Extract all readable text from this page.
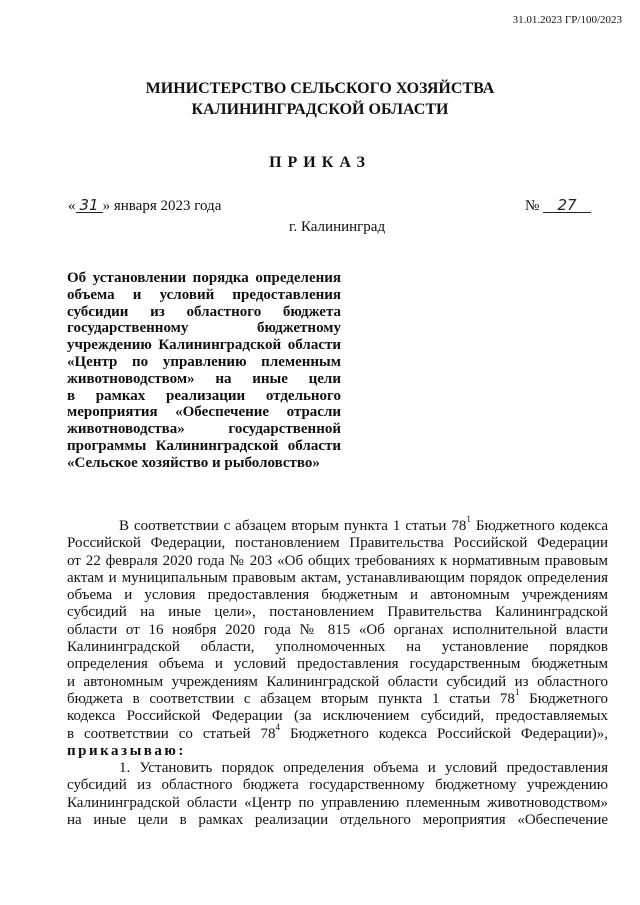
31.01.2023 ГР/100/2023
МИНИСТЕРСТВО СЕЛЬСКОГО ХОЗЯЙСТВА
КАЛИНИНГРАДСКОЙ ОБЛАСТИ
ПРИКАЗ
« 31 » января 2023 года	№ 27
г. Калининград
Об установлении порядка определения
объема и условий предоставления
субсидии из областного бюджета
государственному бюджетному
учреждению Калининградской области
«Центр по управлению племенным
животноводством» на иные цели
в рамках реализации отдельного
мероприятия «Обеспечение отрасли
животноводства» государственной
программы Калининградской области
«Сельское хозяйство и рыболовство»
В соответствии с абзацем вторым пункта 1 статьи $78^1$ Бюджетного кодекса
Российской Федерации, постановлением Правительства Российской Федерации
от 22 февраля 2020 года № 203 «Об общих требованиях к нормативным правовым
актам и муниципальным правовым актам, устанавливающим порядок определения
объема и условия предоставления бюджетным и автономным учреждениям
субсидий на иные цели», постановлением Правительства Калининградской
области от 16 ноября 2020 года № 815 «Об органах исполнительной власти
Калининградской области, уполномоченных на установление порядков
определения объема и условий предоставления государственным бюджетным
и автономным учреждениям Калининградской области субсидий из областного
бюджета в соответствии с абзацем вторым пункта 1 статьи $78^1$ Бюджетного
кодекса Российской Федерации (за исключением субсидий, предоставляемых
в соответствии со статьей $78^4$ Бюджетного кодекса Российской Федерации)»,
приказываю:
1. Установить порядок определения объема и условий предоставления
субсидий из областного бюджета государственному бюджетному учреждению
Калининградской области «Центр по управлению племенным животноводством»
на иные цели в рамках реализации отдельного мероприятия «Обеспечение
